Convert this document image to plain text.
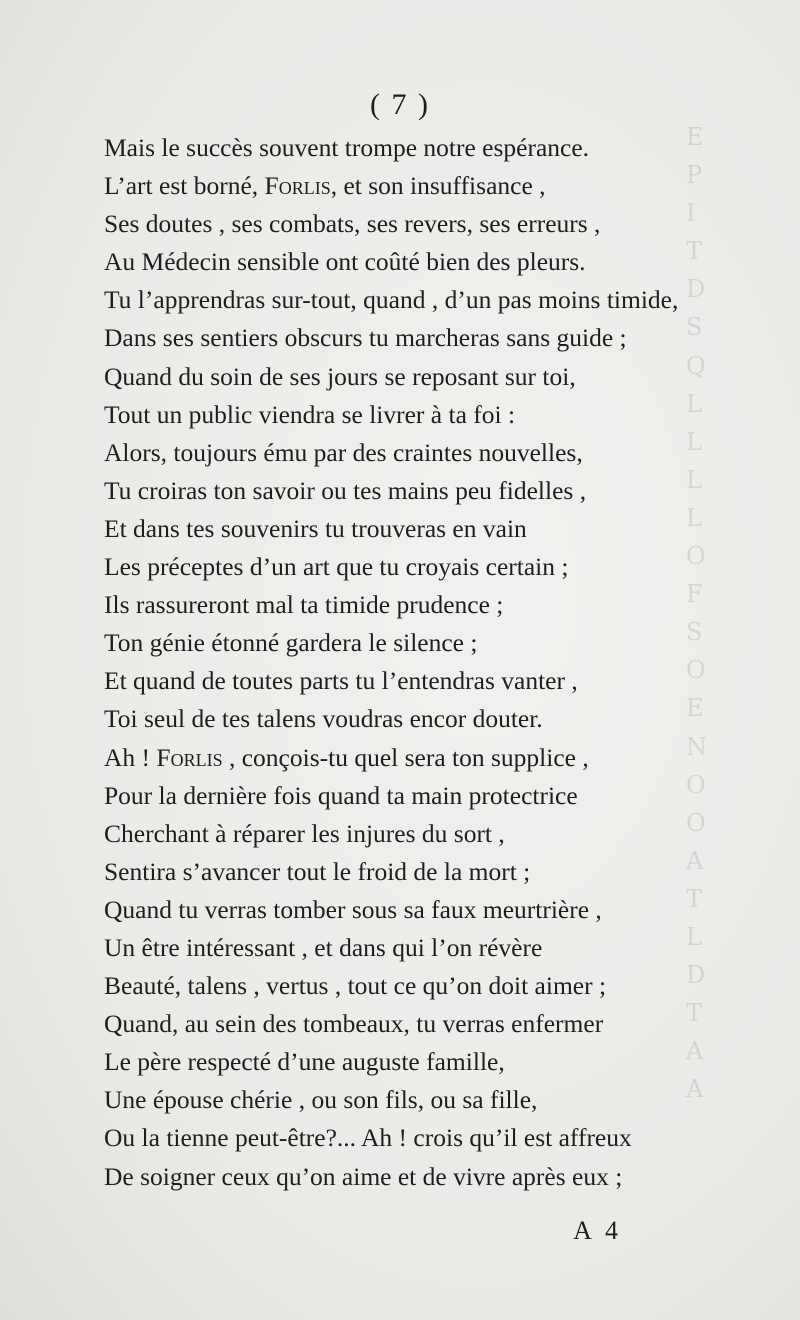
E
P
I
T
D
S
Q
L
L
L
L
O
F
S
O
E
N
O
O
A
T
L
D
T
A
A
( 7 )
Mais le succès souvent trompe notre espérance.
L’art est borné, Forlis, et son insuffisance ,
Ses doutes , ses combats, ses revers, ses erreurs ,
Au Médecin sensible ont coûté bien des pleurs.
Tu l’apprendras sur-tout, quand , d’un pas moins timide,
Dans ses sentiers obscurs tu marcheras sans guide ;
Quand du soin de ses jours se reposant sur toi,
Tout un public viendra se livrer à ta foi :
Alors, toujours ému par des craintes nouvelles,
Tu croiras ton savoir ou tes mains peu fidelles ,
Et dans tes souvenirs tu trouveras en vain
Les préceptes d’un art que tu croyais certain ;
Ils rassureront mal ta timide prudence ;
Ton génie étonné gardera le silence ;
Et quand de toutes parts tu l’entendras vanter ,
Toi seul de tes talens voudras encor douter.
Ah ! Forlis , conçois-tu quel sera ton supplice ,
Pour la dernière fois quand ta main protectrice
Cherchant à réparer les injures du sort ,
Sentira s’avancer tout le froid de la mort ;
Quand tu verras tomber sous sa faux meurtrière ,
Un être intéressant , et dans qui l’on révère
Beauté, talens , vertus , tout ce qu’on doit aimer ;
Quand, au sein des tombeaux, tu verras enfermer
Le père respecté d’une auguste famille,
Une épouse chérie , ou son fils, ou sa fille,
Ou la tienne peut-être?... Ah ! crois qu’il est affreux
De soigner ceux qu’on aime et de vivre après eux ;
A 4
